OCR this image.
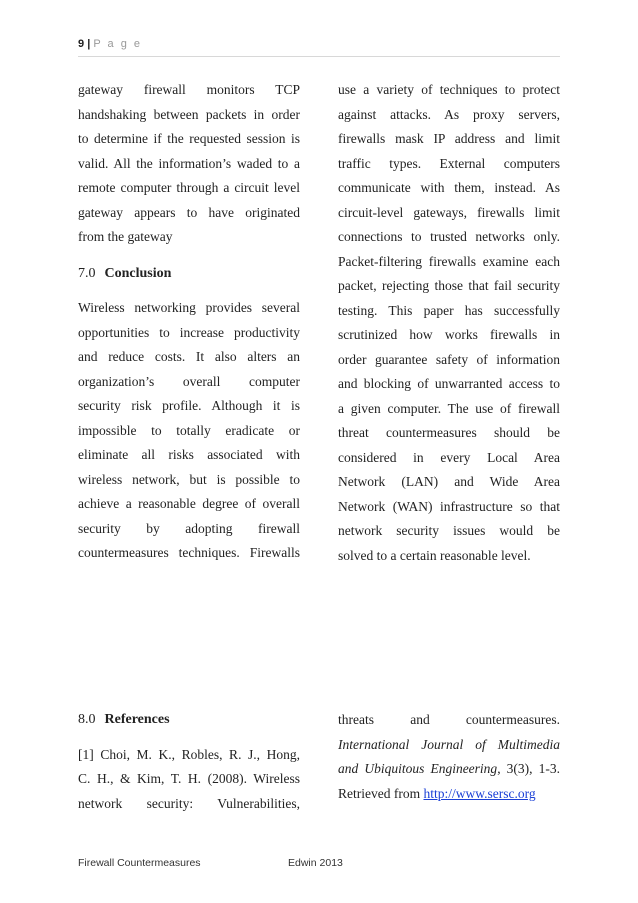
9 | P a g e
gateway firewall monitors TCP
handshaking between packets in order
to determine if the requested session is
valid. All the information’s waded to a
remote computer through a circuit level
gateway appears to have originated
from the gateway
7.0 Conclusion
Wireless networking provides several
opportunities to increase productivity
and reduce costs. It also alters an
organization’s overall computer
security risk profile. Although it is
impossible to totally eradicate or
eliminate all risks associated with
wireless network, but is possible to
achieve a reasonable degree of overall
security by adopting firewall
countermeasures techniques. Firewalls
use a variety of techniques to protect
against attacks. As proxy servers,
firewalls mask IP address and limit
traffic types. External computers
communicate with them, instead. As
circuit-level gateways, firewalls limit
connections to trusted networks only.
Packet-filtering firewalls examine each
packet, rejecting those that fail security
testing. This paper has successfully
scrutinized how works firewalls in
order guarantee safety of information
and blocking of unwarranted access to
a given computer. The use of firewall
threat countermeasures should be
considered in every Local Area
Network (LAN) and Wide Area
Network (WAN) infrastructure so that
network security issues would be
solved to a certain reasonable level.
8.0 References
[1] Choi, M. K., Robles, R. J., Hong,
C. H., & Kim, T. H. (2008). Wireless
network security: Vulnerabilities,
threats and countermeasures.
International Journal of Multimedia
and Ubiquitous Engineering, 3(3), 1-3.
Retrieved from http://www.sersc.org
Firewall Countermeasures	Edwin 2013
